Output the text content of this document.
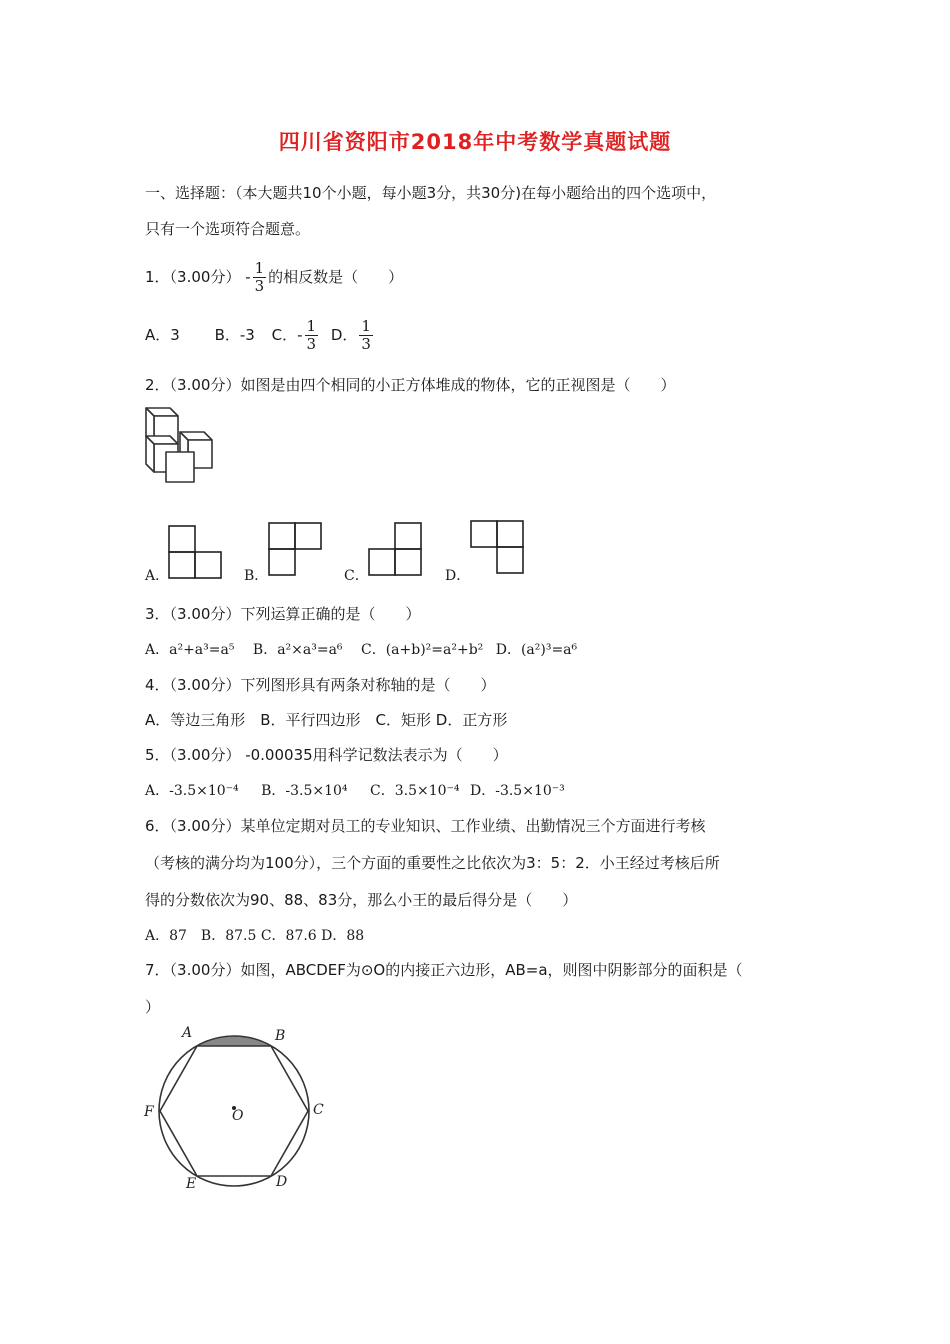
四川省资阳市2018年中考数学真题试题
一、选择题：（本大题共10个小题，每小题3分，共30分)在每小题给出的四个选项中，
只有一个选项符合题意。
1．（3.00分） - $\frac{1}{3}$ 的相反数是（　　）
A．3 B．-3 C．- $\frac{1}{3}$ D． $\frac{1}{3}$
2．（3.00分）如图是由四个相同的小正方体堆成的物体，它的正视图是（　　）
A．	B．	C．	D．
3．（3.00分）下列运算正确的是（　　）
A．a²+a³=a⁵ B．a²×a³=a⁶ C．(a+b)²=a²+b² D．(a²)³=a⁶
4．（3.00分）下列图形具有两条对称轴的是（　　）
A．等边三角形　B．平行四边形　C．矩形 D．正方形
5．（3.00分） -0.00035用科学记数法表示为（　　）
A．-3.5×10⁻⁴ B．-3.5×10⁴ C．3.5×10⁻⁴ D．-3.5×10⁻³
6．（3.00分）某单位定期对员工的专业知识、工作业绩、出勤情况三个方面进行考核
（考核的满分均为100分），三个方面的重要性之比依次为3：5：2．小王经过考核后所
得的分数依次为90、88、83分，那么小王的最后得分是（　　）
A．87　B．87.5 C．87.6 D．88
7．（3.00分）如图，ABCDEF为⊙O的内接正六边形，AB=a，则图中阴影部分的面积是（
）
A	B
C
D
E
F	O
